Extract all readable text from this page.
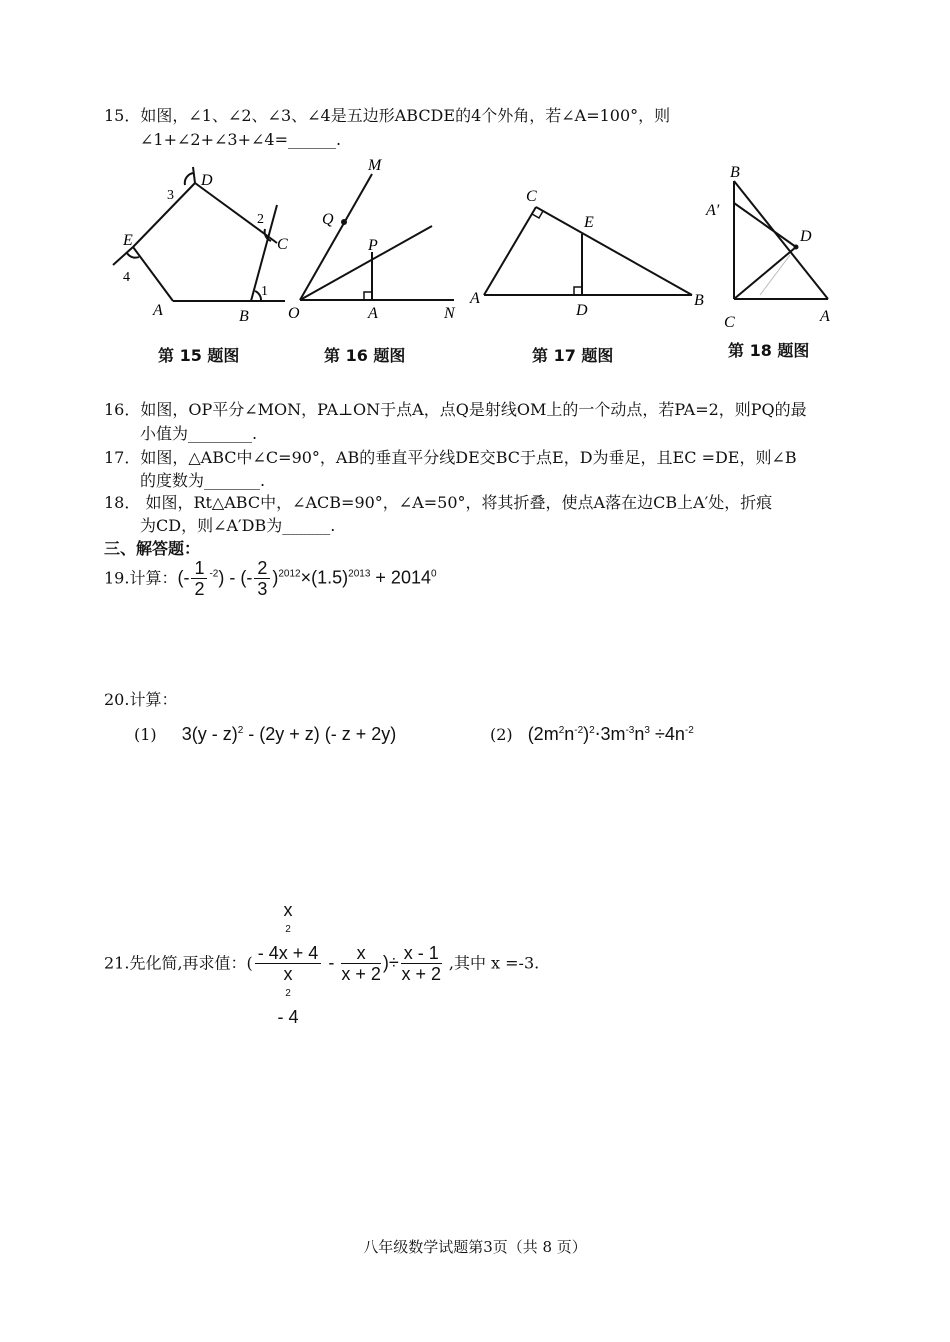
15．如图，∠1、∠2、∠3、∠4是五边形ABCDE的4个外角，若∠A=100°，则
∠1+∠2+∠3+∠4=______.
D
E	C
A	B
1
2
3
4
M
Q
P
O	A	N
C
E
A
D
B
B
A′
D
C	A
第 15 题图	第 16 题图	第 17 题图	第 18 题图
16．如图，OP平分∠MON，PA⊥ON于点A，点Q是射线OM上的一个动点，若PA=2，则PQ的最
小值为________.
17．如图，△ABC中∠C=90°，AB的垂直平分线DE交BC于点E，D为垂足，且EC =DE，则∠B
的度数为_______.
18． 如图，Rt△ABC中，∠ACB=90°，∠A=50°，将其折叠，使点A落在边CB上A′处，折痕
为CD，则∠A′DB为______.
三、解答题：
19.计算：(- $\frac{1}{2} ^{-2}$) - (- $\frac{2}{3} )^{2012}\times(1.5)^{2013} + 2014^0$
20.计算：
(1) 3(y - z)$^2$ - (2y + z) (- z + 2y)	(2) $(2m^2n^{-2})^2\cdot 3m^{-3}n^3 \div 4n^{-2}$
21.先化简,再求值：( x
$^2$
- 4x + 4
x
$^2$
- $4 - \frac{x}{x + 2}$ )÷ $\frac{x - 1}{x + 2}$ ,其中 x =-3.
八年级数学试题第3页（共 8 页）
